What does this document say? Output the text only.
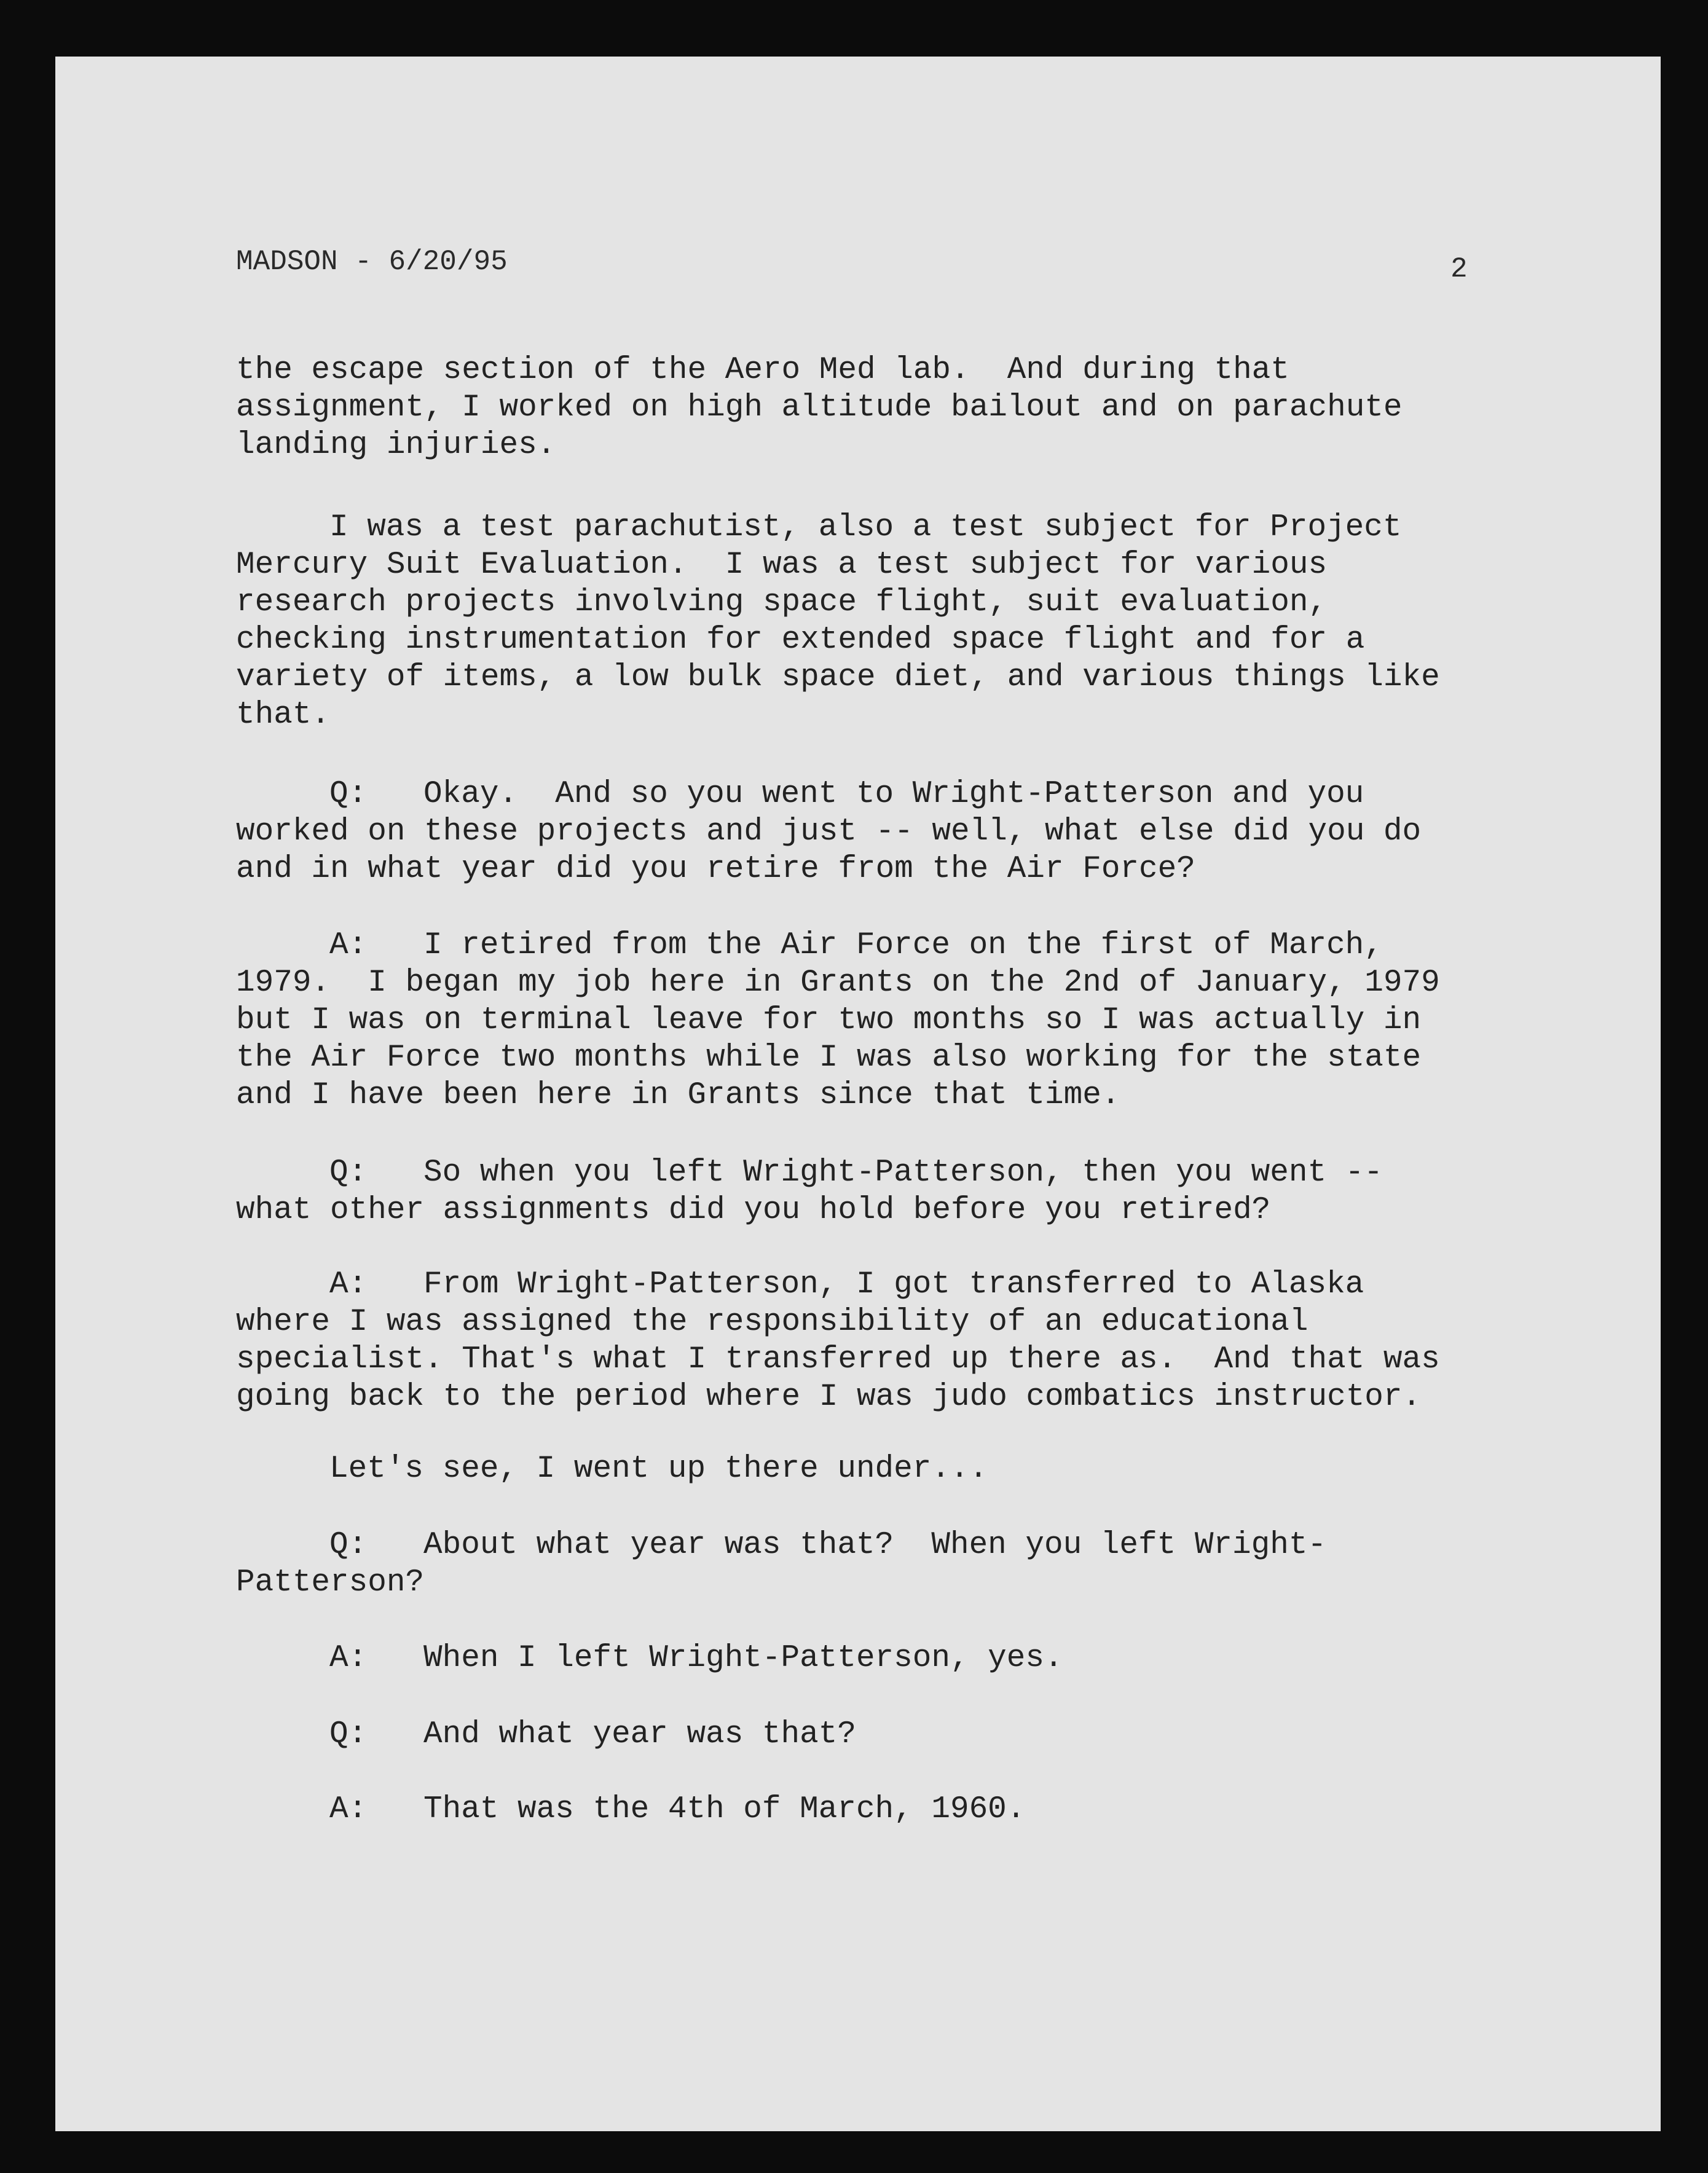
MADSON - 6/20/95	2
the escape section of the Aero Med lab.  And during that
assignment, I worked on high altitude bailout and on parachute
landing injuries.
I was a test parachutist, also a test subject for Project
Mercury Suit Evaluation.  I was a test subject for various
research projects involving space flight, suit evaluation,
checking instrumentation for extended space flight and for a
variety of items, a low bulk space diet, and various things like
that.
Q:   Okay.  And so you went to Wright-Patterson and you
worked on these projects and just -- well, what else did you do
and in what year did you retire from the Air Force?
A:   I retired from the Air Force on the first of March,
1979.  I began my job here in Grants on the 2nd of January, 1979
but I was on terminal leave for two months so I was actually in
the Air Force two months while I was also working for the state
and I have been here in Grants since that time.
Q:   So when you left Wright-Patterson, then you went --
what other assignments did you hold before you retired?
A:   From Wright-Patterson, I got transferred to Alaska
where I was assigned the responsibility of an educational
specialist. That's what I transferred up there as.  And that was
going back to the period where I was judo combatics instructor.
Let's see, I went up there under...
Q:   About what year was that?  When you left Wright-
Patterson?
A:   When I left Wright-Patterson, yes.
Q:   And what year was that?
A:   That was the 4th of March, 1960.
